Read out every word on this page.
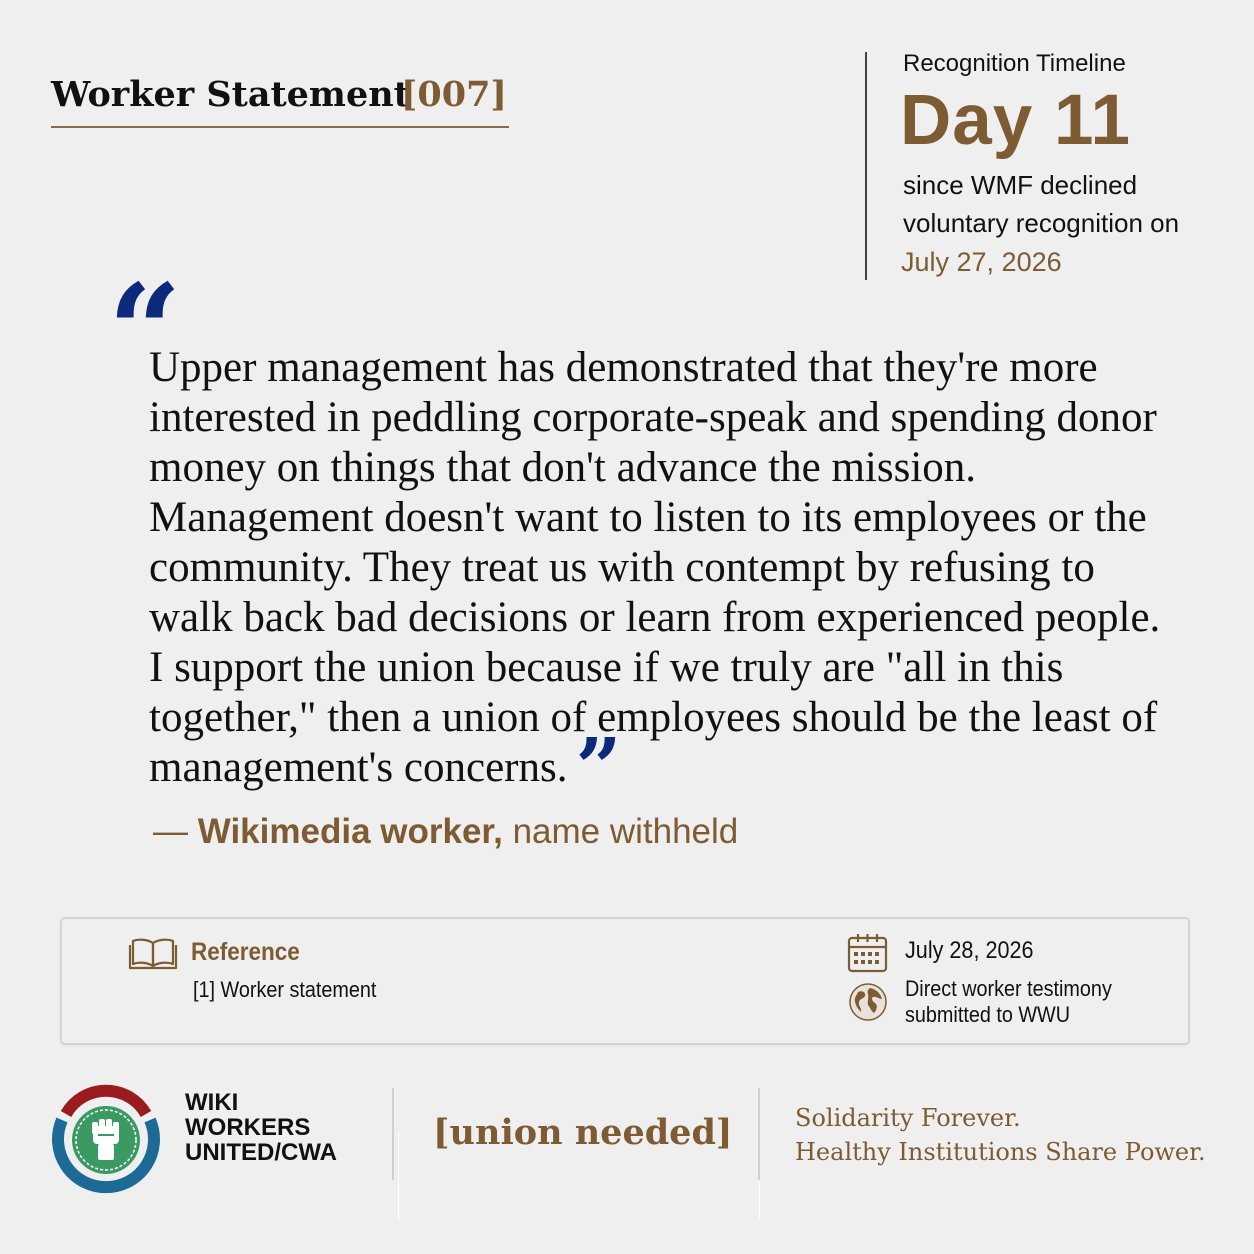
Worker Statement
[007]
Recognition Timeline
Day 11
since WMF declined
voluntary recognition on
July 27, 2026
“
Upper management has demonstrated that they're more interested in peddling corporate-speak and spending donor money on things that don't advance the mission. Management doesn't want to listen to its employees or the community. They treat us with contempt by refusing to walk back bad decisions or learn from experienced people. I support the union because if we truly are "all in this together," then a union of employees should be the least of management's concerns. ”
— Wikimedia worker, name withheld
Reference
[1] Worker statement
July 28, 2026
Direct worker testimony
submitted to WWU
WIKI
WORKERS
UNITED/CWA	[union needed]	Solidarity Forever.
Healthy Institutions Share Power.
